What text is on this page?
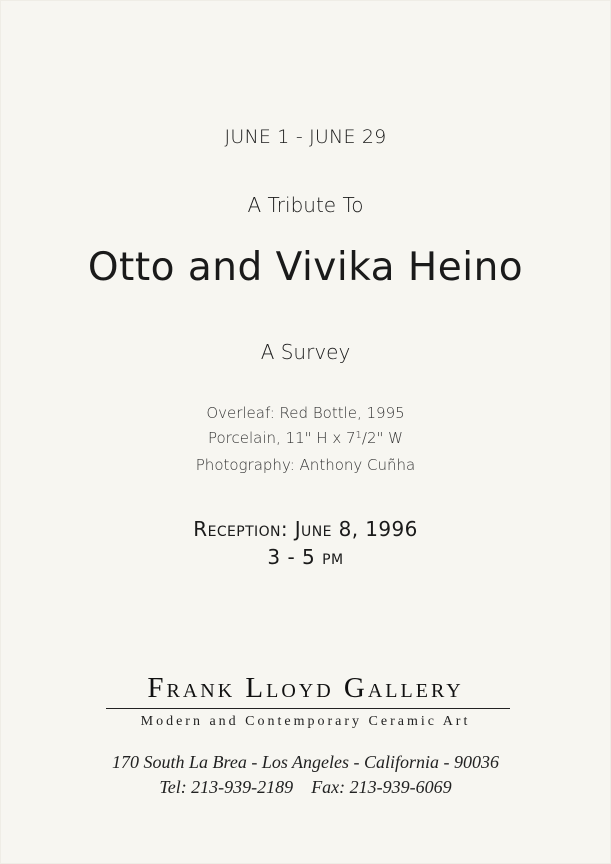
JUNE 1 - JUNE 29
A Tribute To
Otto and Vivika Heino
A Survey
Overleaf: Red Bottle, 1995
Porcelain, 11" H x $7^1/2$" W
Photography: Anthony Cuñha
Reception: June 8, 1996
3 - 5 pm
Frank Lloyd Gallery
Modern and Contemporary Ceramic Art
170 South La Brea - Los Angeles - California - 90036
Tel: 213-939-2189 Fax: 213-939-6069
